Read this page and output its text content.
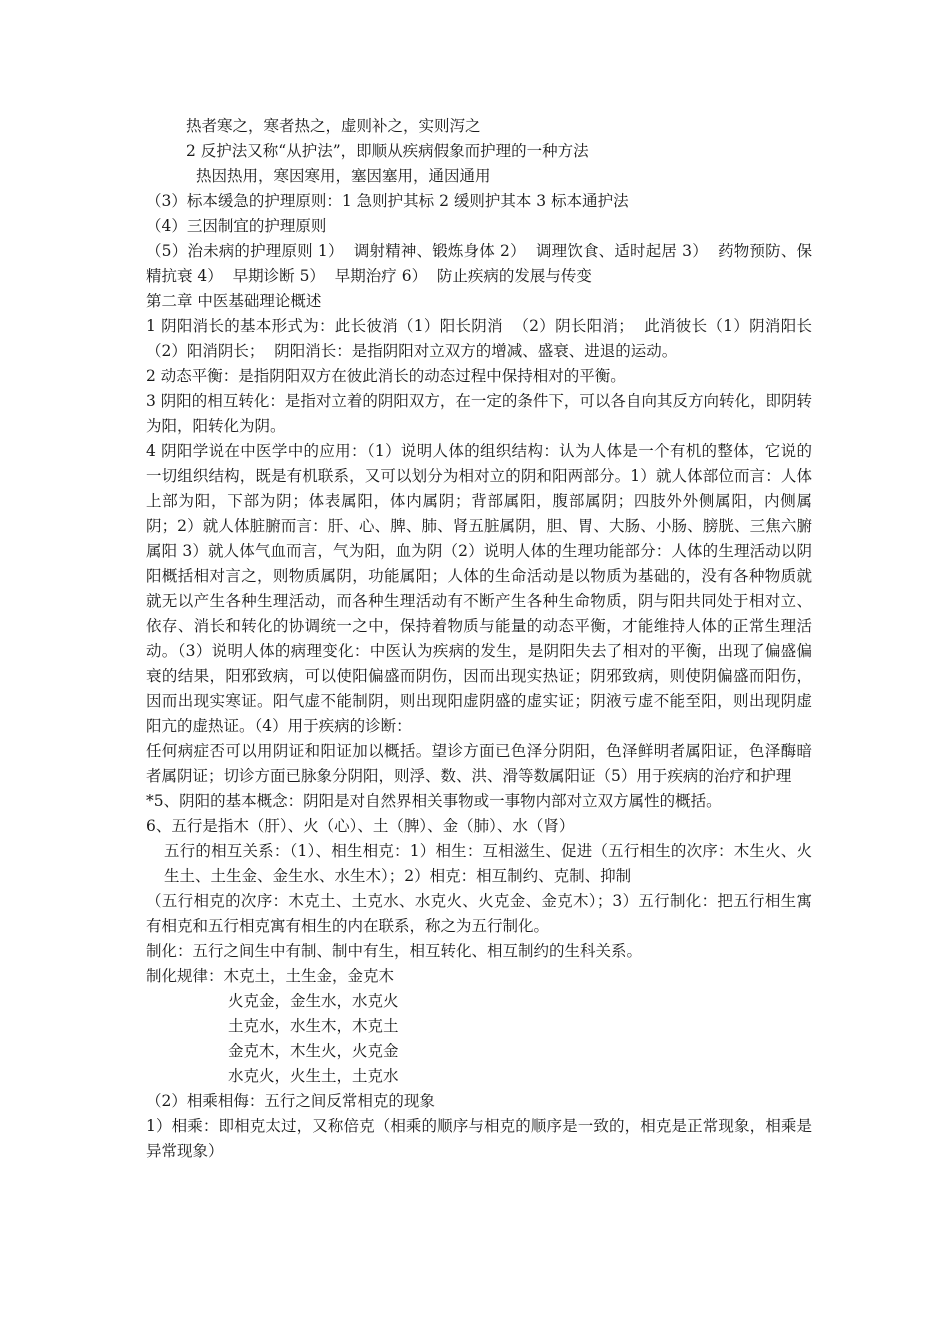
热者寒之，寒者热之，虚则补之，实则泻之

2 反护法又称“从护法”，即顺从疾病假象而护理的一种方法

热因热用，寒因寒用，塞因塞用，通因通用

（3）标本缓急的护理原则：1 急则护其标 2 缓则护其本 3 标本通护法

（4）三因制宜的护理原则

（5）治未病的护理原则 1）  调射精神、锻炼身体 2）  调理饮食、适时起居 3）  药物预防、保精抗衰 4）  早期诊断 5）  早期治疗 6）  防止疾病的发展与传变

第二章 中医基础理论概述

1 阴阳消长的基本形式为：此长彼消（1）阳长阴消  （2）阴长阳消；  此消彼长（1）阴消阳长  （2）阳消阴长；  阴阳消长：是指阴阳对立双方的增减、盛衰、进退的运动。

2 动态平衡：是指阴阳双方在彼此消长的动态过程中保持相对的平衡。

3 阴阳的相互转化：是指对立着的阴阳双方，在一定的条件下，可以各自向其反方向转化，即阴转为阳，阳转化为阴。

4 阴阳学说在中医学中的应用：（1）说明人体的组织结构：认为人体是一个有机的整体，它说的一切组织结构，既是有机联系，又可以划分为相对立的阴和阳两部分。1）就人体部位而言：人体上部为阳，下部为阴；体表属阳，体内属阴；背部属阳，腹部属阴；四肢外外侧属阳，内侧属阴；2）就人体脏腑而言：肝、心、脾、肺、肾五脏属阴，胆、胃、大肠、小肠、膀胱、三焦六腑属阳 3）就人体气血而言，气为阳，血为阴（2）说明人体的生理功能部分：人体的生理活动以阴阳概括相对言之，则物质属阴，功能属阳；人体的生命活动是以物质为基础的，没有各种物质就就无以产生各种生理活动，而各种生理活动有不断产生各种生命物质，阴与阳共同处于相对立、依存、消长和转化的协调统一之中，保持着物质与能量的动态平衡，才能维持人体的正常生理活动。（3）说明人体的病理变化：中医认为疾病的发生，是阴阳失去了相对的平衡，出现了偏盛偏衰的结果，阳邪致病，可以使阳偏盛而阴伤，因而出现实热证；阴邪致病，则使阴偏盛而阳伤，因而出现实寒证。阳气虚不能制阴，则出现阳虚阴盛的虚实证；阴液亏虚不能至阳，则出现阴虚阳亢的虚热证。（4）用于疾病的诊断：

任何病症否可以用阴证和阳证加以概括。望诊方面已色泽分阴阳，色泽鲜明者属阳证，色泽酶暗者属阴证；切诊方面已脉象分阴阳，则浮、数、洪、滑等数属阳证（5）用于疾病的治疗和护理

*5、阴阳的基本概念：阴阳是对自然界相关事物或一事物内部对立双方属性的概括。

6、五行是指木（肝）、火（心）、土（脾）、金（肺）、水（肾）

五行的相互关系：（1）、相生相克：1）相生：互相滋生、促进（五行相生的次序：木生火、火生土、土生金、金生水、水生木）；2）相克：相互制约、克制、抑制

（五行相克的次序：木克土、土克水、水克火、火克金、金克木）；3）五行制化：把五行相生寓有相克和五行相克寓有相生的内在联系，称之为五行制化。

制化：五行之间生中有制、制中有生，相互转化、相互制约的生科关系。

制化规律：木克土，土生金，金克木

火克金，金生水，水克火

土克水，水生木，木克土

金克木，木生火，火克金

水克火，火生土，土克水

（2）相乘相侮：五行之间反常相克的现象

1）相乘：即相克太过，又称倍克（相乘的顺序与相克的顺序是一致的，相克是正常现象，相乘是异常现象）
